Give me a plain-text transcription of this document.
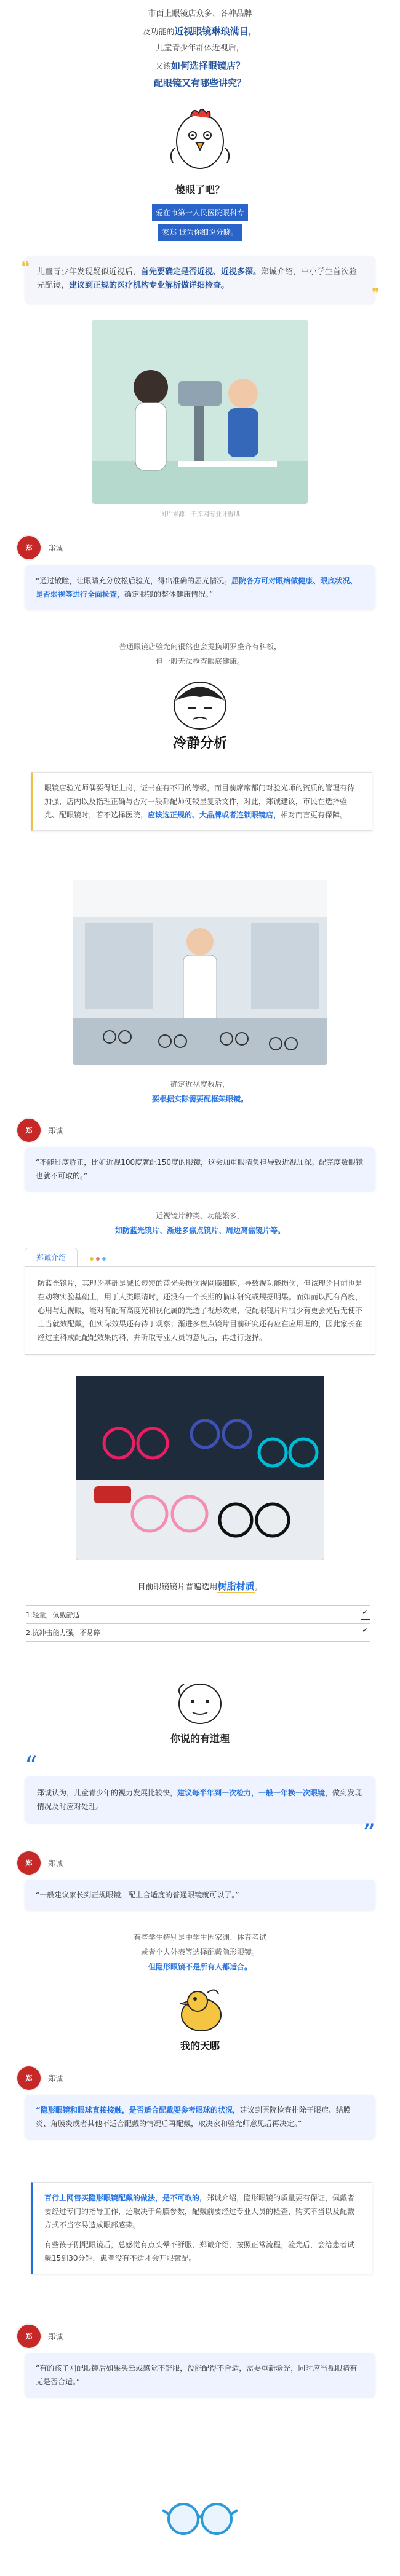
市面上眼镜店众多、各种品牌
及功能的近视眼镜琳琅满目，
儿童青少年群体近视后，
又该如何选择眼镜店？
配眼镜又有哪些讲究？
傻眼了吧？
爱在市第一人民医院眼科专
家郑 诚为你细说分晓。
❝ 儿童青少年发现疑似近视后，首先要确定是否近视、近视多深。郑诚介绍，中小学生首次验光配镜，建议到正规的医疗机构专业解析做详细检查。
❞
图片来源：千库网专业计得肌
郑	郑诚
“通过散瞳，让眼睛充分放松后验光，得出准确的屈光情况。屈院各方可对眼病做健康、眼底状况、是否弱视等进行全面检查，确定眼镜的整体健康情况。”
普通眼镜店验光间很然也会提换期罗整齐有科板，
但一般无法检查眼底健康。
冷静分析
眼镜店验光师偶要得证上岗，证书在有不同的等级，而目前席席都门对验光师的资质的管理有待加强，店内以及指理正确与否对一般都配师使较显复杂文件，对此，郑诚建议，市民在选择验光、配眼镜时，若不选择医院，应该选正规的、大品牌或者连锁眼镜店，相对而言更有保障。
确定近视度数后，
要根据实际需要配框架眼镜。
郑	郑诚
“不能过度矫正，比如近视100度就配150度的眼镜，这会加重眼睛负担导致近视加深。配完度数眼镜也就不可取的。”
近视镜片种类、功能繁多，
如防蓝光镜片、渐进多焦点镜片、周边离焦镜片等。
郑诚介绍
防蓝光镜片，其理论基础是减长短短的蓝光会损伤视网膜细胞，导致视功能损伤，但该理论目前也是在动物实验基础上，用于人类眼睛时，还没有一个长期的临床研究或规据明果。而如而以配有高度，心用与近视眼，能对有配有高度光和视化属的光透了视形效果，使配眼镜片片很少有更会光后无使不上当就效配戴，但实际效果还有待于观察；渐进多焦点镜片目前研究还有应在应用理的，因此家长在经过主科或配配配效果的科，并听取专业人员的意见后，再进行选择。
目前眼镜镜片普遍选用树脂材质。
1.轻量，佩戴舒适
✓
2.抗冲击能力强，不易碎
✓
你说的有道理
“
郑诚认为，儿童青少年的视力发展比较快，建议每半年到一次检力，一般一年换一次眼镜，做到发现情况及时应对处理。
”
郑	郑诚
“一般建议家长到正规眼镜，配上合适度的普通眼镜就可以了。”
有些学生特别是中学生因家渊、体育考试
或者个人外表等选择配戴隐形眼镜。
但隐形眼镜不是所有人都适合。
我的天哪
郑	郑诚
“隐形眼镜和眼球直接接触，是否适合配戴要参考眼球的状况，建议到医院检查排除干眼症、结膜炎、角膜炎或者其他不适合配戴的情况后再配戴，取决家和验光师意见后再决定。”
百行上网售买隐形眼镜配戴的做法，是不可取的，郑诚介绍，隐形眼镜的质量要有保证，佩戴者要经过专门的指导工作，还取决于角膜参数，配戴前要经过专业人员的检查，购买不当以及配戴方式不当容易造成眼部感染。
有些孩子刚配眼镜后，总感觉有点头晕不舒服，郑诚介绍，按照正常流程，验光后，会给患者试戴15到30分钟，患者没有不适才会开眼镜配。
郑	郑诚
“有的孩子刚配眼镜后如果头晕或感觉不舒服，没能配得不合适，需要重新验光，同时应当视眼睛有无是否合适。”
